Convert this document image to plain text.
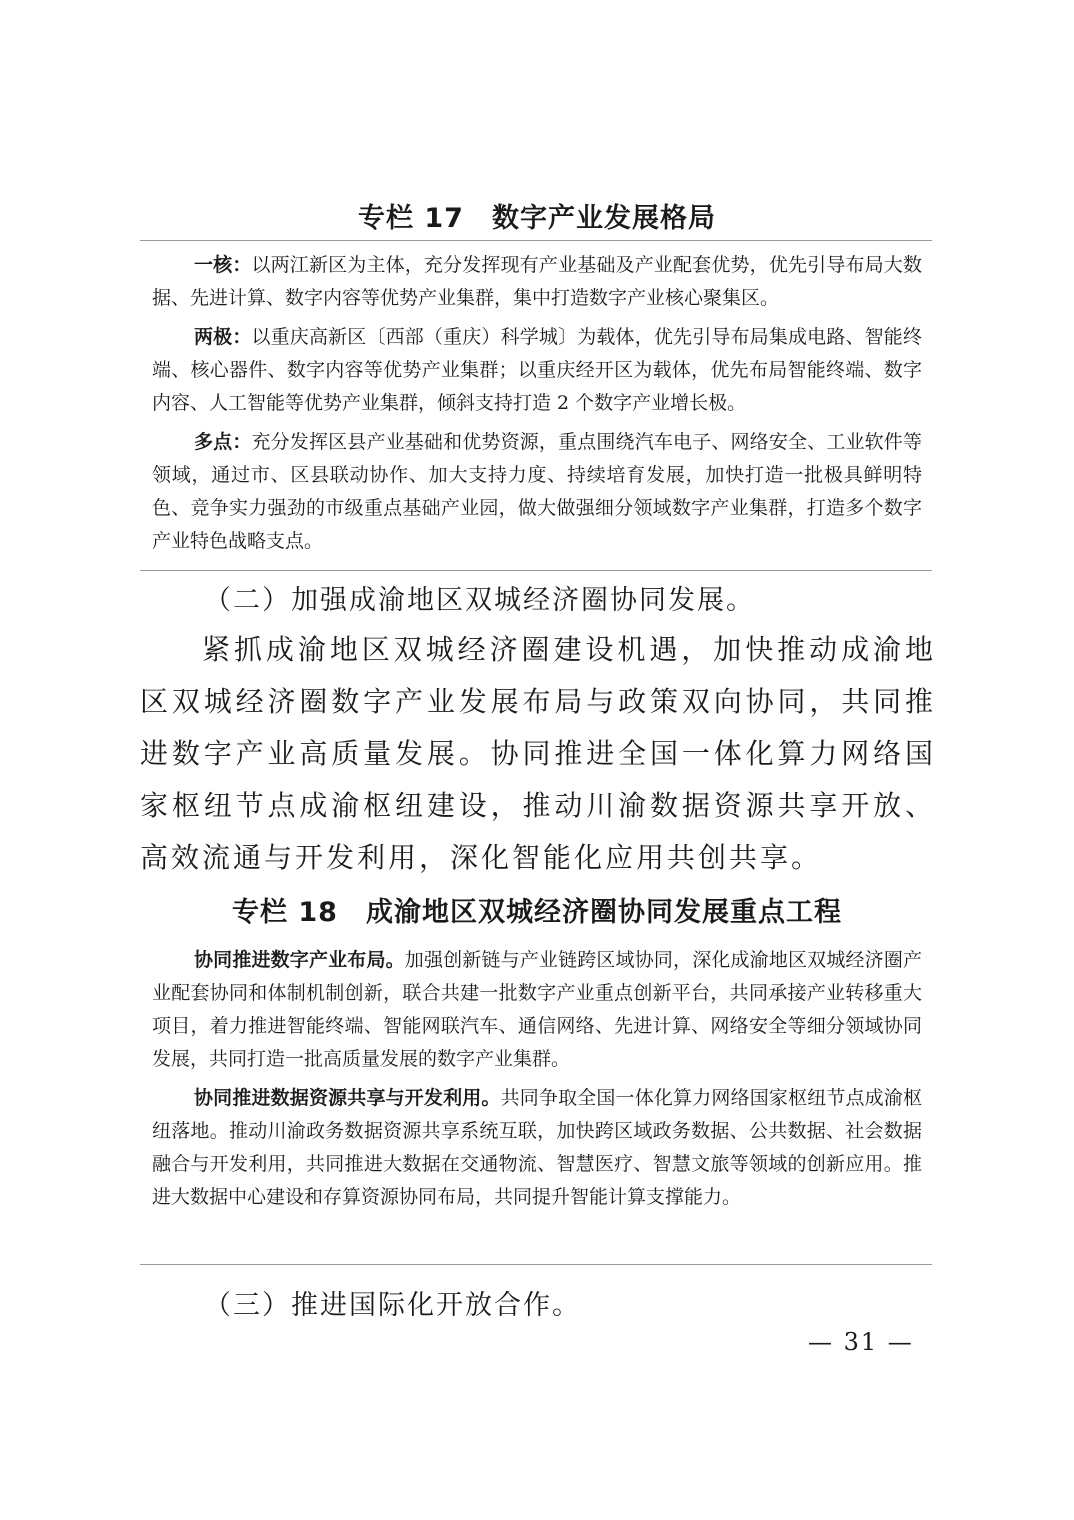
专栏 17　数字产业发展格局

一核：以两江新区为主体，充分发挥现有产业基础及产业配套优势，优先引导布局大数据、先进计算、数字内容等优势产业集群，集中打造数字产业核心聚集区。

两极：以重庆高新区〔西部（重庆）科学城〕为载体，优先引导布局集成电路、智能终端、核心器件、数字内容等优势产业集群；以重庆经开区为载体，优先布局智能终端、数字内容、人工智能等优势产业集群，倾斜支持打造 2 个数字产业增长极。

多点：充分发挥区县产业基础和优势资源，重点围绕汽车电子、网络安全、工业软件等领域，通过市、区县联动协作、加大支持力度、持续培育发展，加快打造一批极具鲜明特色、竞争实力强劲的市级重点基础产业园，做大做强细分领域数字产业集群，打造多个数字产业特色战略支点。

（二）加强成渝地区双城经济圈协同发展。

紧抓成渝地区双城经济圈建设机遇，加快推动成渝地区双城经济圈数字产业发展布局与政策双向协同，共同推进数字产业高质量发展。协同推进全国一体化算力网络国家枢纽节点成渝枢纽建设，推动川渝数据资源共享开放、高效流通与开发利用，深化智能化应用共创共享。

专栏 18　成渝地区双城经济圈协同发展重点工程

协同推进数字产业布局。加强创新链与产业链跨区域协同，深化成渝地区双城经济圈产业配套协同和体制机制创新，联合共建一批数字产业重点创新平台，共同承接产业转移重大项目，着力推进智能终端、智能网联汽车、通信网络、先进计算、网络安全等细分领域协同发展，共同打造一批高质量发展的数字产业集群。

协同推进数据资源共享与开发利用。共同争取全国一体化算力网络国家枢纽节点成渝枢纽落地。推动川渝政务数据资源共享系统互联，加快跨区域政务数据、公共数据、社会数据融合与开发利用，共同推进大数据在交通物流、智慧医疗、智慧文旅等领域的创新应用。推进大数据中心建设和存算资源协同布局，共同提升智能计算支撑能力。

（三）推进国际化开放合作。
— 31 —
